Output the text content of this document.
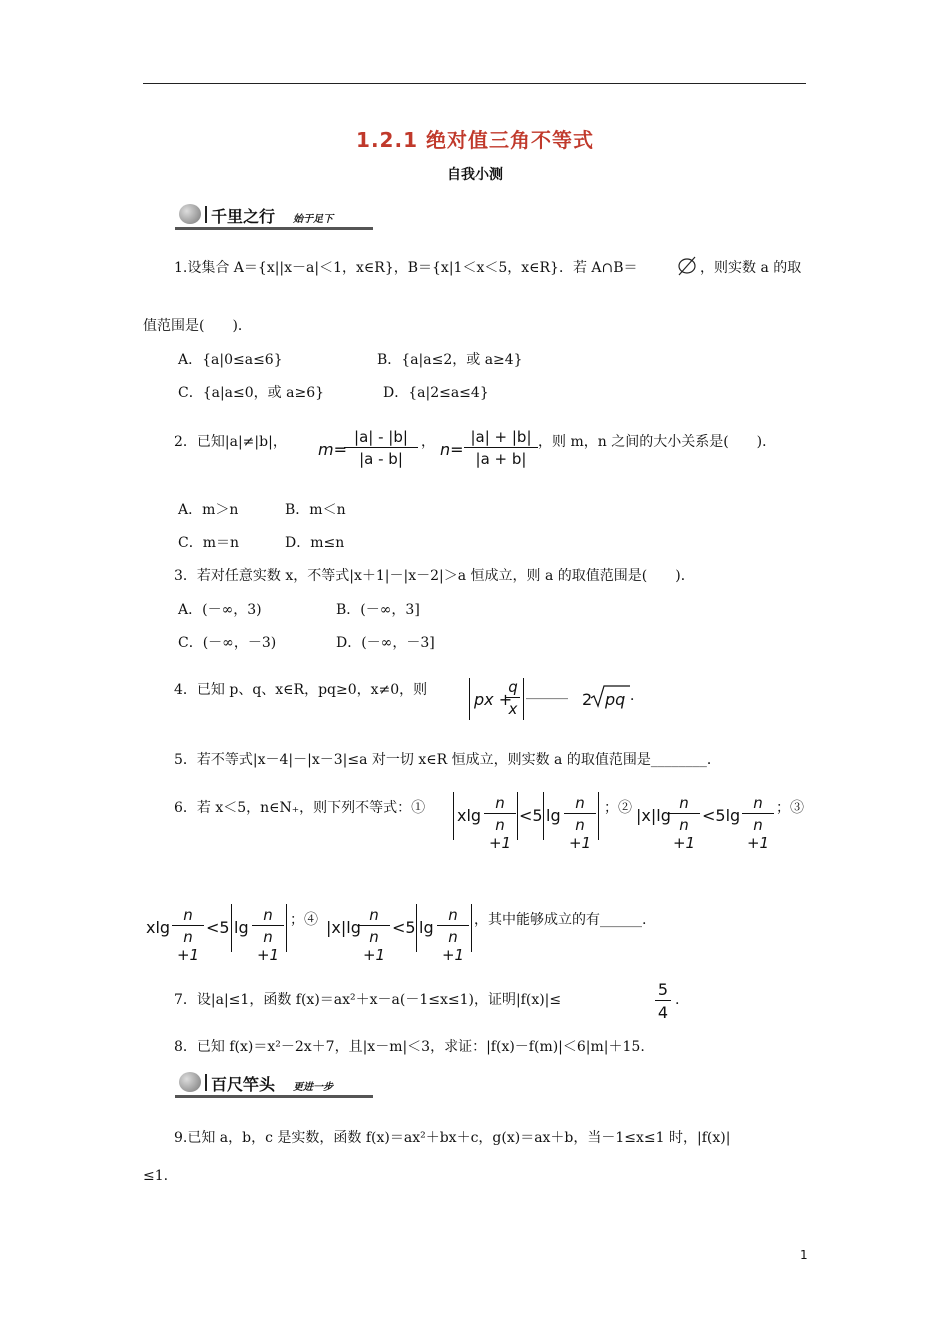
1.2.1 绝对值三角不等式
自我小测
千里之行 始于足下
1.设集合 A＝{x||x－a|＜1，x∈R}，B＝{x|1＜x＜5，x∈R}．若 A∩B＝	，则实数 a 的取
值范围是(　　)．
A．{a|0≤a≤6}	B．{a|a≤2，或 a≥4}
C．{a|a≤0，或 a≥6}	D．{a|2≤a≤4}
2．已知|a|≠|b|， m=
$\frac{|a| - |b|}{|a - b|}$ ， $n= \frac{|a| + |b|}{|a + b|}$ ，则 m，n 之间的大小关系是(　　)．
A．m＞n	B．m＜n
C．m＝n	D．m≤n
3．若对任意实数 x，不等式|x＋1|－|x－2|＞a 恒成立，则 a 的取值范围是(　　)．
A．(－∞，3)	B．(－∞，3]
C．(－∞，－3)	D．(－∞，－3]
4．已知 p、q、x∈R，pq≥0，x≠0，则	px +
$\frac{q}{x}$ ______ 2 pq ．
5．若不等式|x－4|－|x－3|≤a 对一切 x∈R 恒成立，则实数 a 的取值范围是________．
6．若 x＜5，n∈N₊，则下列不等式：① xlg $\frac{n}{n +1} <5$ $\lg \frac{n}{n +1}$ ；② |x|lg
$\frac{n}{n +1} <5\lg \frac{n}{n +1}$ ；③
xlg $\frac{n}{n +1} <5$ $\lg \frac{n}{n +1}$ ；④ |x|lg
$\frac{n}{n +1} <5$ $\lg \frac{n}{n +1}$ ，其中能够成立的有______.
7．设|a|≤1，函数 f(x)＝ax²＋x－a(－1≤x≤1)，证明|f(x)|≤	$\frac{5}{4}$ .
8．已知 f(x)＝x²－2x＋7，且|x－m|＜3，求证：|f(x)－f(m)|＜6|m|＋15.
百尺竿头 更进一步
9.已知 a，b，c 是实数，函数 f(x)＝ax²＋bx＋c，g(x)＝ax＋b，当－1≤x≤1 时，|f(x)|
≤1.
1
